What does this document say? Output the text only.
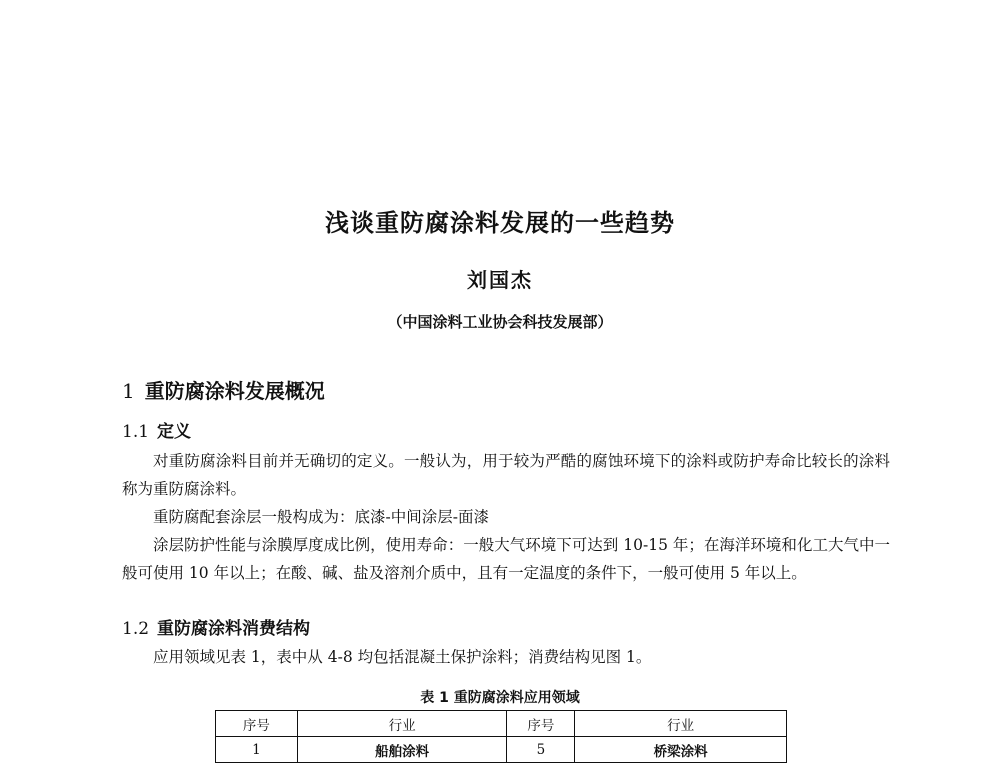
浅谈重防腐涂料发展的一些趋势
刘国杰
（中国涂料工业协会科技发展部）
1 重防腐涂料发展概况
1.1 定义
对重防腐涂料目前并无确切的定义。一般认为，用于较为严酷的腐蚀环境下的涂料或防护寿命比较长的涂料称为重防腐涂料。
重防腐配套涂层一般构成为：底漆-中间涂层-面漆
涂层防护性能与涂膜厚度成比例，使用寿命：一般大气环境下可达到 10-15 年；在海洋环境和化工大气中一般可使用 10 年以上；在酸、碱、盐及溶剂介质中，且有一定温度的条件下，一般可使用 5 年以上。
1.2 重防腐涂料消费结构
应用领域见表 1，表中从 4-8 均包括混凝土保护涂料；消费结构见图 1。
表 1 重防腐涂料应用领域
序号	行业	序号	行业
1	船舶涂料	5	桥梁涂料
